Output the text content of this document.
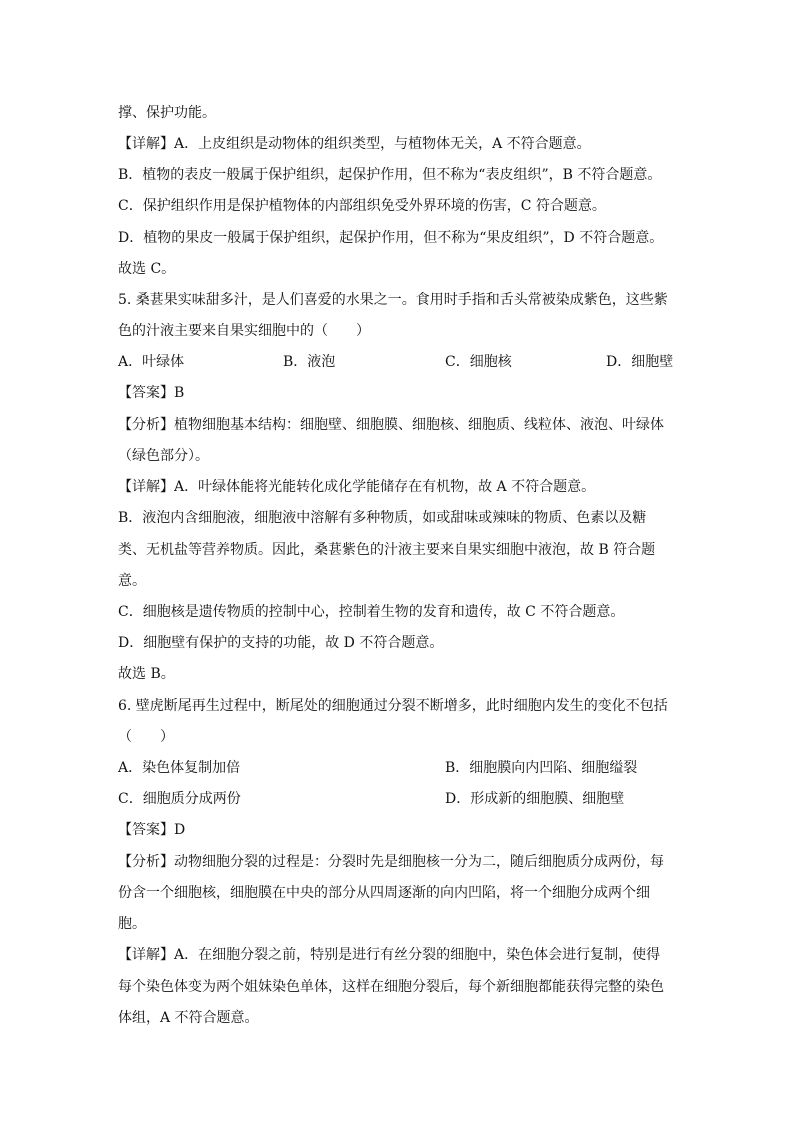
撑、保护功能。
【详解】A．上皮组织是动物体的组织类型，与植物体无关，A 不符合题意。
B．植物的表皮一般属于保护组织，起保护作用，但不称为“表皮组织”，B 不符合题意。
C．保护组织作用是保护植物体的内部组织免受外界环境的伤害，C 符合题意。
D．植物的果皮一般属于保护组织，起保护作用，但不称为“果皮组织”，D 不符合题意。
故选 C。
5. 桑葚果实味甜多汁，是人们喜爱的水果之一。食用时手指和舌头常被染成紫色，这些紫
色的汁液主要来自果实细胞中的（　　）
A．叶绿体	B．液泡	C．细胞核	D．细胞壁
【答案】B
【分析】植物细胞基本结构：细胞壁、细胞膜、细胞核、细胞质、线粒体、液泡、叶绿体
（绿色部分）。
【详解】A．叶绿体能将光能转化成化学能储存在有机物，故 A 不符合题意。
B．液泡内含细胞液，细胞液中溶解有多种物质，如或甜味或辣味的物质、色素以及糖
类、无机盐等营养物质。因此，桑葚紫色的汁液主要来自果实细胞中液泡，故 B 符合题
意。
C．细胞核是遗传物质的控制中心，控制着生物的发育和遗传，故 C 不符合题意。
D．细胞壁有保护的支持的功能，故 D 不符合题意。
故选 B。
6. 壁虎断尾再生过程中，断尾处的细胞通过分裂不断增多，此时细胞内发生的变化不包括
（　　）
A．染色体复制加倍	B．细胞膜向内凹陷、细胞缢裂
C．细胞质分成两份	D．形成新的细胞膜、细胞壁
【答案】D
【分析】动物细胞分裂的过程是：分裂时先是细胞核一分为二，随后细胞质分成两份，每
份含一个细胞核，细胞膜在中央的部分从四周逐渐的向内凹陷，将一个细胞分成两个细
胞。
【详解】A．在细胞分裂之前，特别是进行有丝分裂的细胞中，染色体会进行复制，使得
每个染色体变为两个姐妹染色单体，这样在细胞分裂后，每个新细胞都能获得完整的染色
体组，A 不符合题意。
